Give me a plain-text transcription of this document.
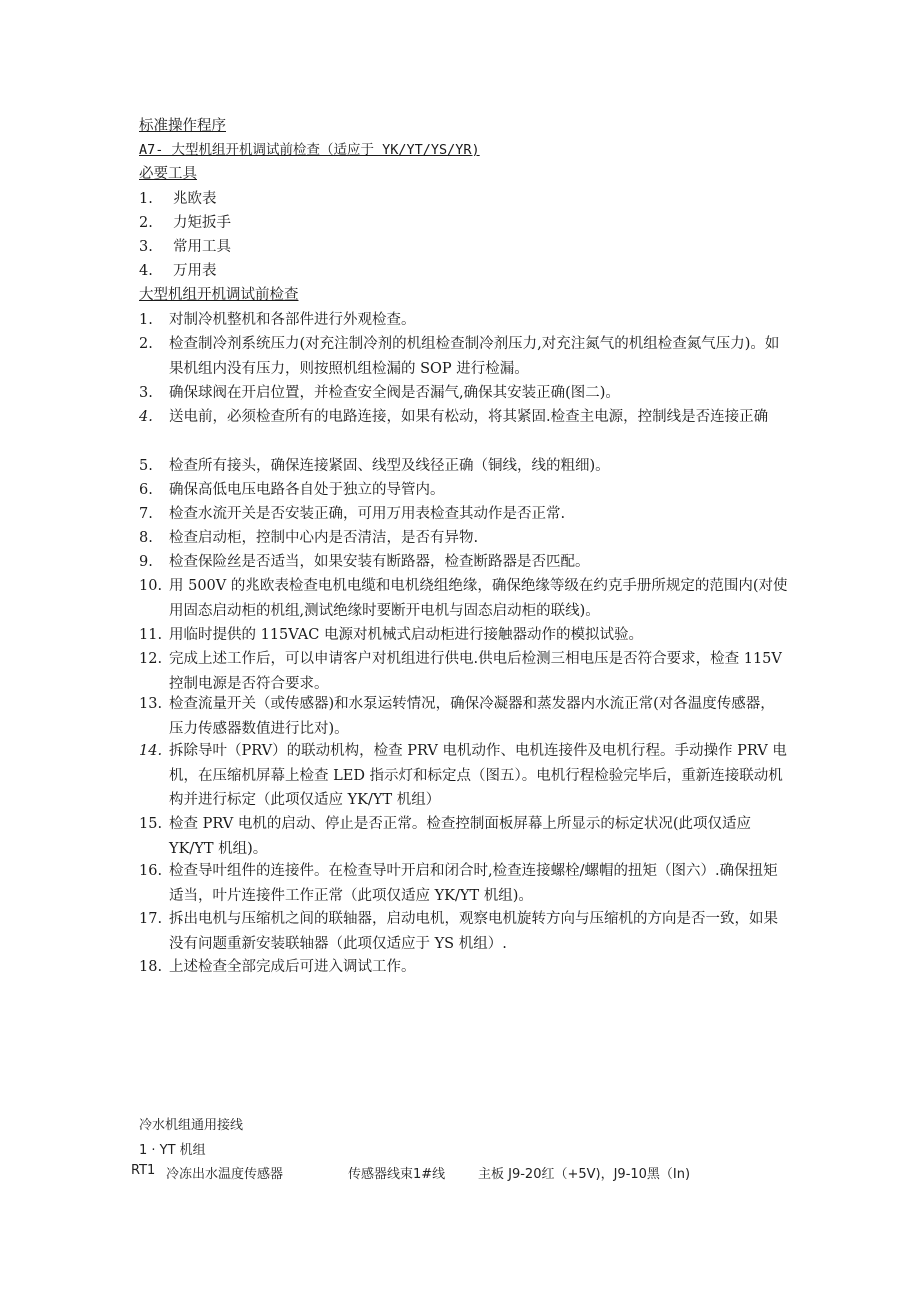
标准操作程序
A7- 大型机组开机调试前检查（适应于 YK/YT/YS/YR)
必要工具
1. 兆欧表
2. 力矩扳手
3. 常用工具
4. 万用表
大型机组开机调试前检查
1. 对制冷机整机和各部件进行外观检查。
2. 检查制冷剂系统压力(对充注制冷剂的机组检查制冷剂压力,对充注氮气的机组检查氮气压力)。如果机组内没有压力，则按照机组检漏的 SOP 进行检漏。
3. 确保球阀在开启位置，并检查安全阀是否漏气,确保其安装正确(图二)。
4. 送电前，必须检查所有的电路连接，如果有松动，将其紧固.检查主电源，控制线是否连接正确
5. 检查所有接头，确保连接紧固、线型及线径正确（铜线，线的粗细)。
6. 确保高低电压电路各自处于独立的导管内。
7. 检查水流开关是否安装正确，可用万用表检查其动作是否正常.
8. 检查启动柜，控制中心内是否清洁，是否有异物.
9. 检查保险丝是否适当，如果安装有断路器，检查断路器是否匹配。
10. 用 500V 的兆欧表检查电机电缆和电机绕组绝缘，确保绝缘等级在约克手册所规定的范围内(对使用固态启动柜的机组,测试绝缘时要断开电机与固态启动柜的联线)。
11. 用临时提供的 115VAC 电源对机械式启动柜进行接触器动作的模拟试验。
12. 完成上述工作后，可以申请客户对机组进行供电.供电后检测三相电压是否符合要求，检查 115V 控制电源是否符合要求。
13. 检查流量开关（或传感器)和水泵运转情况，确保冷凝器和蒸发器内水流正常(对各温度传感器，压力传感器数值进行比对)。
14. 拆除导叶（PRV）的联动机构，检查 PRV 电机动作、电机连接件及电机行程。手动操作 PRV 电机，在压缩机屏幕上检查 LED 指示灯和标定点（图五）。电机行程检验完毕后，重新连接联动机构并进行标定（此项仅适应 YK/YT 机组）
15. 检查 PRV 电机的启动、停止是否正常。检查控制面板屏幕上所显示的标定状况(此项仅适应 YK/YT 机组)。
16. 检查导叶组件的连接件。在检查导叶开启和闭合时,检查连接螺栓/螺帽的扭矩（图六）.确保扭矩适当，叶片连接件工作正常（此项仅适应 YK/YT 机组)。
17. 拆出电机与压缩机之间的联轴器，启动电机，观察电机旋转方向与压缩机的方向是否一致，如果没有问题重新安装联轴器（此项仅适应于 YS 机组）.
18. 上述检查全部完成后可进入调试工作。
冷水机组通用接线
1 · YT 机组
RT1 冷冻出水温度传感器	传感器线束1#线	主板 J9-20红（+5V)，J9-10黑（In)
